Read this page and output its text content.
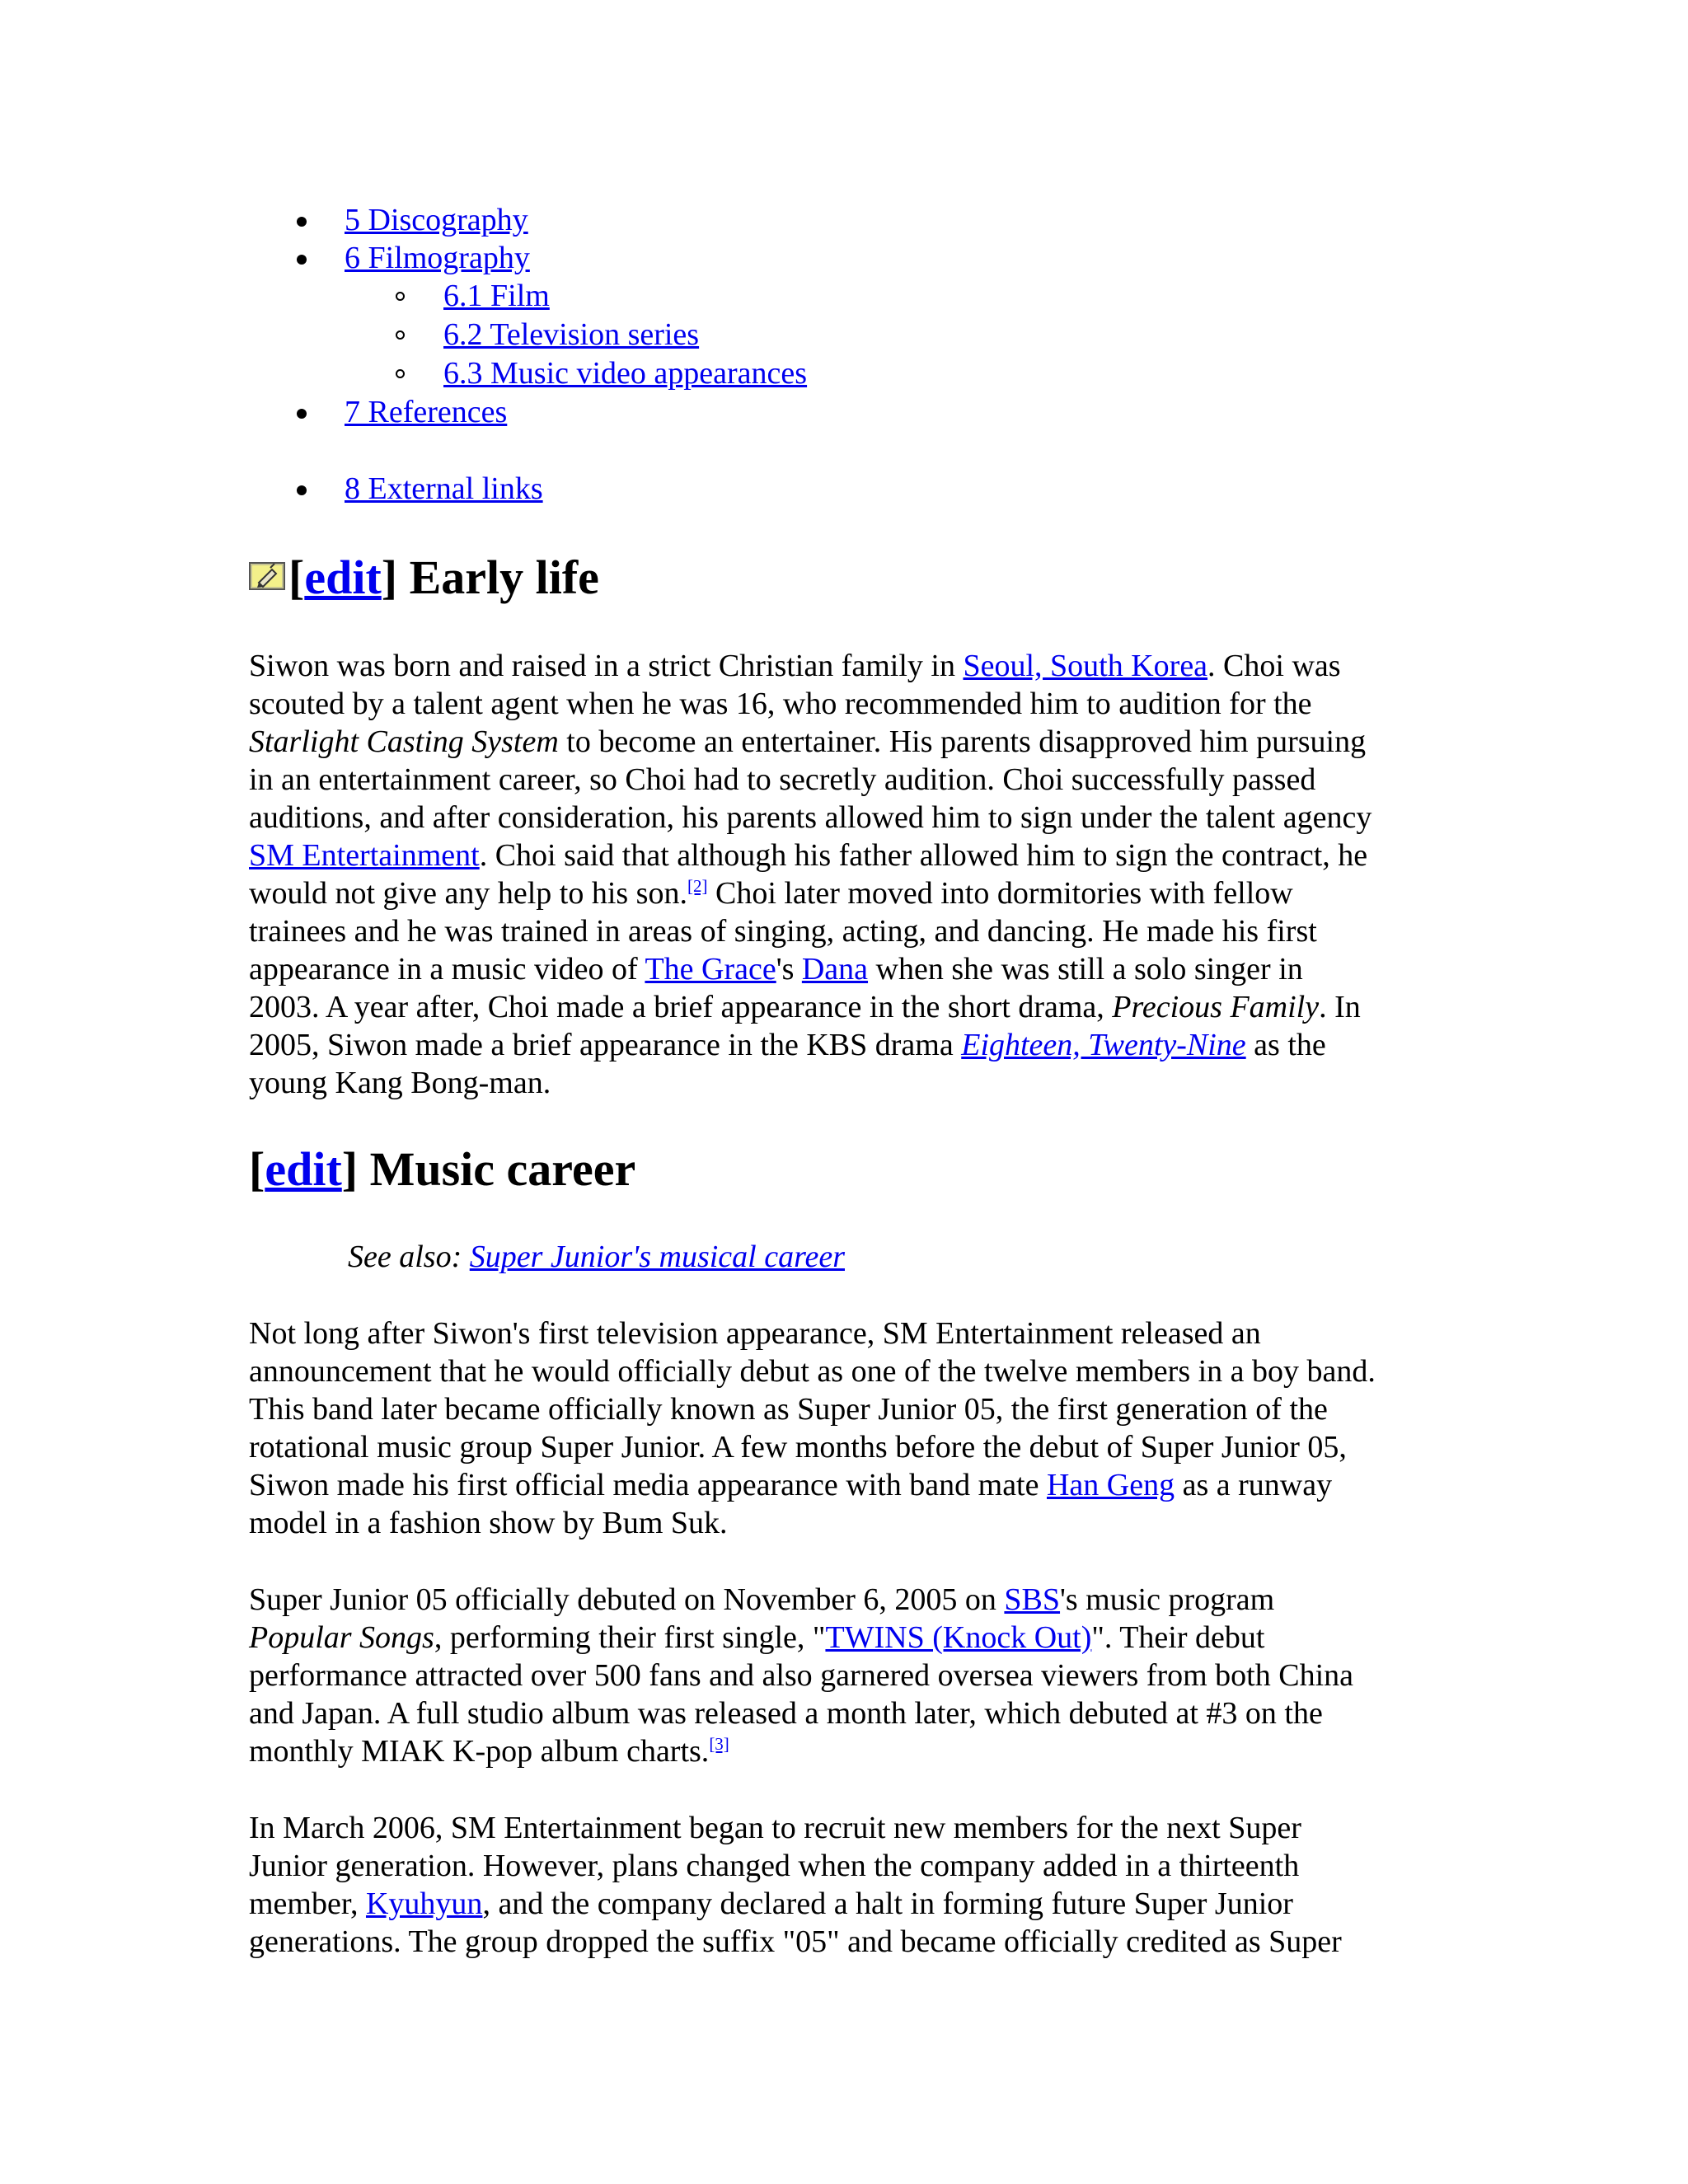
5 Discography
6 Filmography
6.1 Film
6.2 Television series
6.3 Music video appearances
7 References
8 External links
[edit] Early life

Siwon was born and raised in a strict Christian family in Seoul, South Korea. Choi was
scouted by a talent agent when he was 16, who recommended him to audition for the
Starlight Casting System to become an entertainer. His parents disapproved him pursuing
in an entertainment career, so Choi had to secretly audition. Choi successfully passed
auditions, and after consideration, his parents allowed him to sign under the talent agency
SM Entertainment. Choi said that although his father allowed him to sign the contract, he
would not give any help to his son.[2] Choi later moved into dormitories with fellow
trainees and he was trained in areas of singing, acting, and dancing. He made his first
appearance in a music video of The Grace's Dana when she was still a solo singer in
2003. A year after, Choi made a brief appearance in the short drama, Precious Family. In
2005, Siwon made a brief appearance in the KBS drama Eighteen, Twenty-Nine as the
young Kang Bong-man.

[edit] Music career
See also: Super Junior's musical career

Not long after Siwon's first television appearance, SM Entertainment released an
announcement that he would officially debut as one of the twelve members in a boy band.
This band later became officially known as Super Junior 05, the first generation of the
rotational music group Super Junior. A few months before the debut of Super Junior 05,
Siwon made his first official media appearance with band mate Han Geng as a runway
model in a fashion show by Bum Suk.

Super Junior 05 officially debuted on November 6, 2005 on SBS's music program
Popular Songs, performing their first single, "TWINS (Knock Out)". Their debut
performance attracted over 500 fans and also garnered oversea viewers from both China
and Japan. A full studio album was released a month later, which debuted at #3 on the
monthly MIAK K-pop album charts.[3]

In March 2006, SM Entertainment began to recruit new members for the next Super
Junior generation. However, plans changed when the company added in a thirteenth
member, Kyuhyun, and the company declared a halt in forming future Super Junior
generations. The group dropped the suffix "05" and became officially credited as Super
